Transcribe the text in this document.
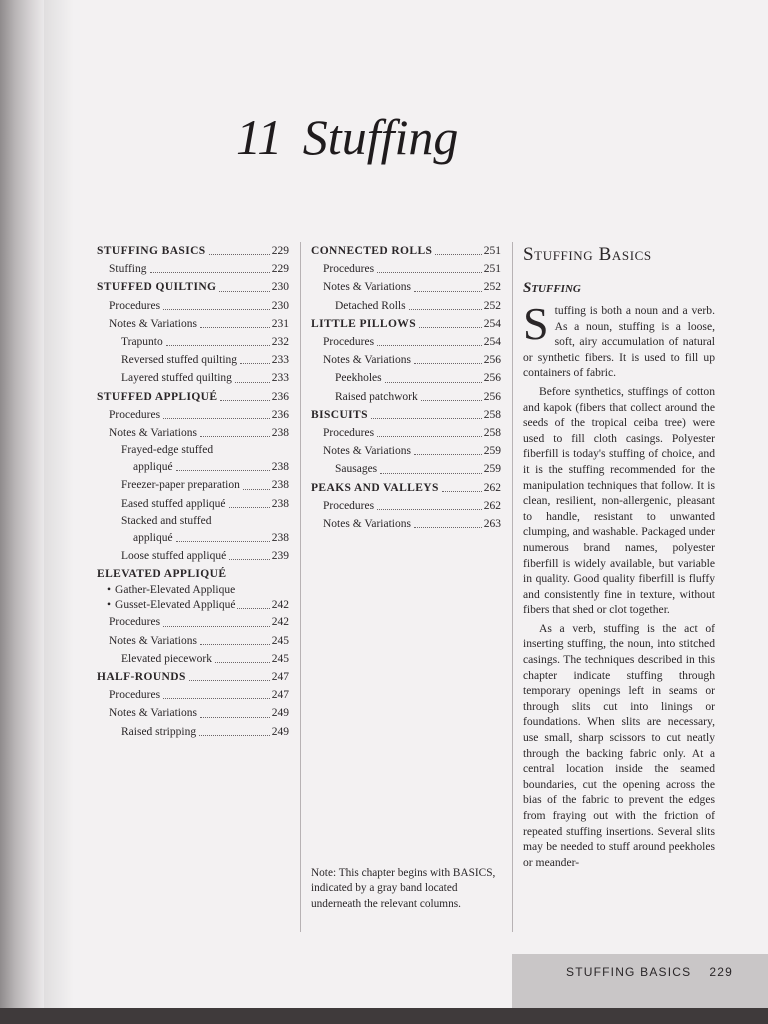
11 Stuffing
STUFFING BASICS	229
Stuffing	229
STUFFED QUILTING	230
Procedures	230
Notes & Variations	231
Trapunto	232
Reversed stuffed quilting	233
Layered stuffed quilting	233
STUFFED APPLIQUÉ	236
Procedures	236
Notes & Variations	238
Frayed-edge stuffed
appliqué	238
Freezer-paper preparation	238
Eased stuffed appliqué	238
Stacked and stuffed
appliqué	238
Loose stuffed appliqué	239
ELEVATED APPLIQUÉ
• Gather-Elevated Applique
• Gusset-Elevated Appliqué	242
Procedures	242
Notes & Variations	245
Elevated piecework	245
HALF-ROUNDS	247
Procedures	247
Notes & Variations	249
Raised stripping	249
CONNECTED ROLLS	251
Procedures	251
Notes & Variations	252
Detached Rolls	252
LITTLE PILLOWS	254
Procedures	254
Notes & Variations	256
Peekholes	256
Raised patchwork	256
BISCUITS	258
Procedures	258
Notes & Variations	259
Sausages	259
PEAKS AND VALLEYS	262
Procedures	262
Notes & Variations	263
Note: This chapter begins with BASICS, indicated by a gray band located underneath the relevant columns.
Stuffing Basics
Stuffing

Stuffing is both a noun and a verb. As a noun, stuffing is a loose, soft, airy accumulation of natural or synthetic fibers. It is used to fill up containers of fabric.

Before synthetics, stuffings of cotton and kapok (fibers that collect around the seeds of the tropical ceiba tree) were used to fill cloth casings. Polyester fiberfill is today's stuffing of choice, and it is the stuffing recommended for the manipulation techniques that follow. It is clean, resilient, non-allergenic, pleasant to handle, resistant to unwanted clumping, and washable. Packaged under numerous brand names, polyester fiberfill is widely available, but variable in quality. Good quality fiberfill is fluffy and consistently fine in texture, without fibers that shed or clot together.

As a verb, stuffing is the act of inserting stuffing, the noun, into stitched casings. The techniques described in this chapter indicate stuffing through temporary openings left in seams or through slits cut into linings or foundations. When slits are necessary, use small, sharp scissors to cut neatly through the backing fabric only. At a central location inside the seamed boundaries, cut the opening across the bias of the fabric to prevent the edges from fraying out with the friction of repeated stuffing insertions. Several slits may be needed to stuff around peekholes or meander-

STUFFING BASICS 229
